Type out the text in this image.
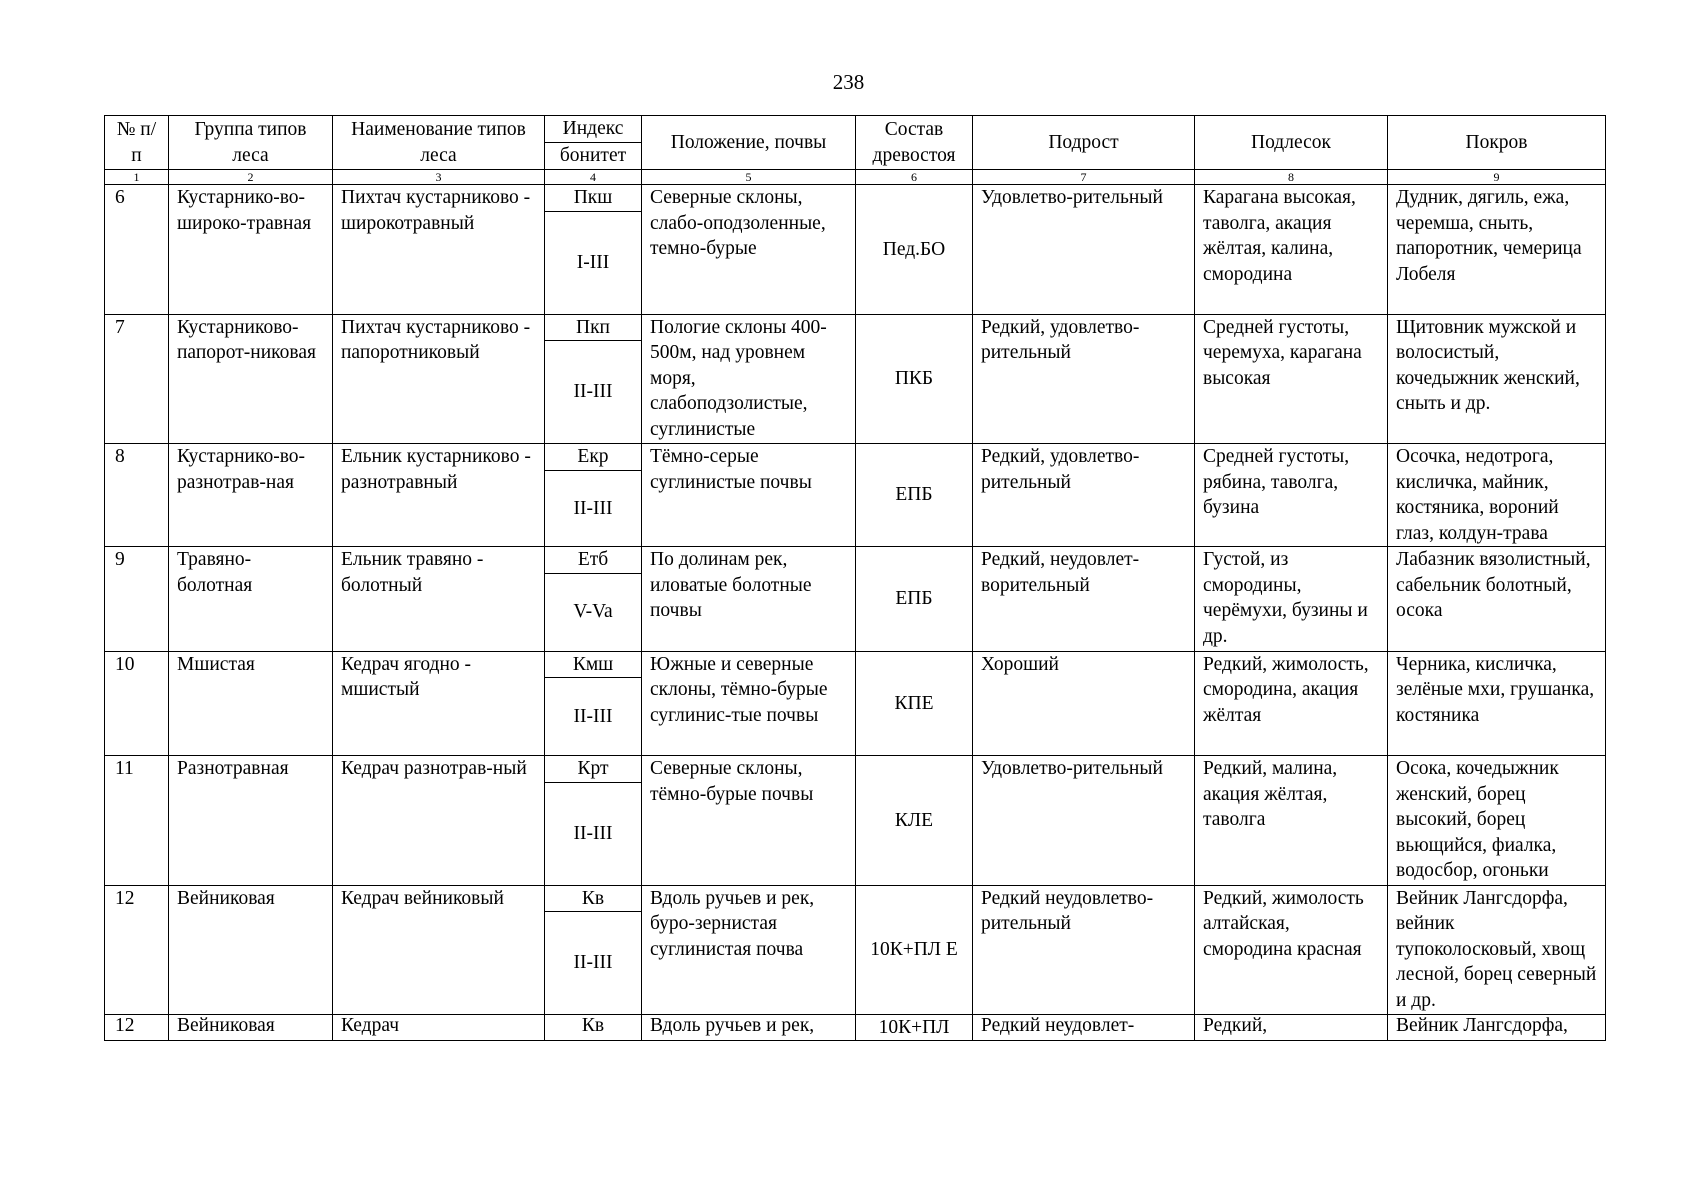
238
№ п/п	Группа типов леса	Наименование типов леса	Индекс	Положение, почвы	Состав древостоя	Подрост	Подлесок	Покров
			бонитет					
1	2	3	4	5	6	7	8	9
6	Кустарнико-во-широко-травная	Пихтач кустарниково - широкотравный	Пкш	Северные склоны, слабо-оподзоленные, темно-бурые	Пед.БО	Удовлетво-рительный	Карагана высокая, таволга, акация жёлтая, калина, смородина	Дудник, дягиль, ежа, черемша, сныть, папоротник, чемерица Лобеля
			I-III					
7	Кустарниково-папорот-никовая	Пихтач кустарниково - папоротниковый	Пкп	Пологие склоны 400-500м, над уровнем моря, слабоподзолистые, суглинистые	ПКБ	Редкий, удовлетво-рительный	Средней густоты, черемуха, карагана высокая	Щитовник мужской и волосистый, кочедыжник женский, сныть и др.
			II-III					
8	Кустарнико-во-разнотрав-ная	Ельник кустарниково - разнотравный	Екр	Тёмно-серые суглинистые почвы	ЕПБ	Редкий, удовлетво-рительный	Средней густоты, рябина, таволга, бузина	Осочка, недотрога, кисличка, майник, костяника, вороний глаз, колдун-трава
			II-III					
9	Травяно-болотная	Ельник травяно - болотный	Етб	По долинам рек, иловатые болотные почвы	ЕПБ	Редкий, неудовлет-ворительный	Густой, из смородины, черёмухи, бузины и др.	Лабазник вязолистный, сабельник болотный, осока
			V-Va					
10	Мшистая	Кедрач ягодно - мшистый	Кмш	Южные и северные склоны, тёмно-бурые суглинис-тые почвы	КПЕ	Хороший	Редкий, жимолость, смородина, акация жёлтая	Черника, кисличка, зелёные мхи, грушанка, костяника
			II-III					
11	Разнотравная	Кедрач разнотрав-ный	Крт	Северные склоны, тёмно-бурые почвы	КЛЕ	Удовлетво-рительный	Редкий, малина, акация жёлтая, таволга	Осока, кочедыжник женский, борец высокий, борец вьющийся, фиалка, водосбор, огоньки
			II-III					
12	Вейниковая	Кедрач вейниковый	Кв	Вдоль ручьев и рек, буро-зернистая суглинистая почва	10К+ПЛ Е	Редкий неудовлетво-рительный	Редкий, жимолость алтайская, смородина красная	Вейник Лангсдорфа, вейник тупоколосковый, хвощ лесной, борец северный и др.
			II-III					
12	Вейниковая	Кедрач	Кв	Вдоль ручьев и рек,	10К+ПЛ	Редкий неудовлет-	Редкий,	Вейник Лангсдорфа,
